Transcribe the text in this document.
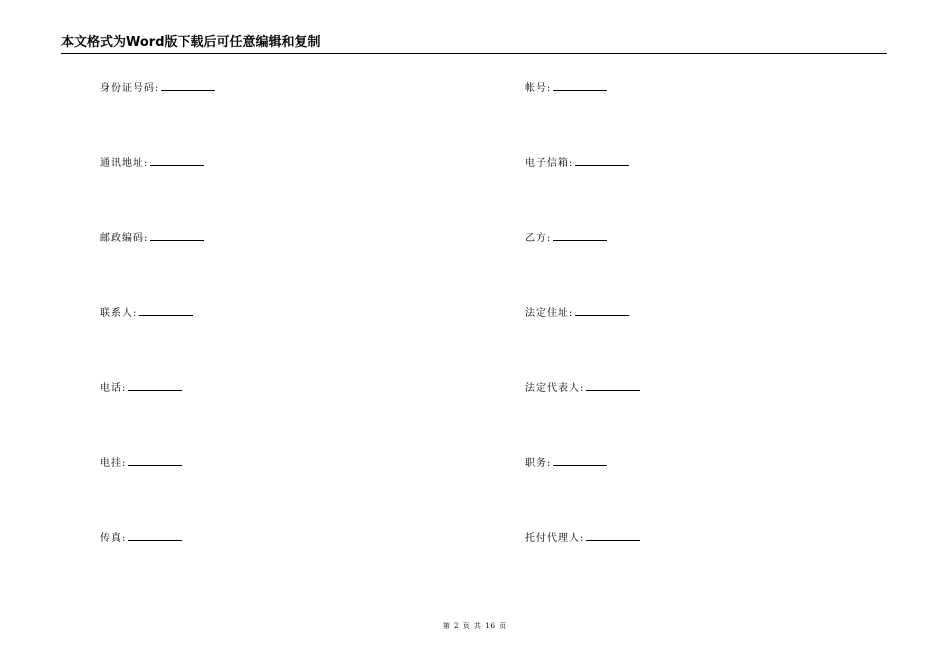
本文格式为Word版下载后可任意编辑和复制
身份证号码:
通讯地址:
邮政编码:
联系人:
电话:
电挂:
传真:
帐号:
电子信箱:
乙方:
法定住址:
法定代表人:
职务:
托付代理人:
第 2 页 共 16 页
